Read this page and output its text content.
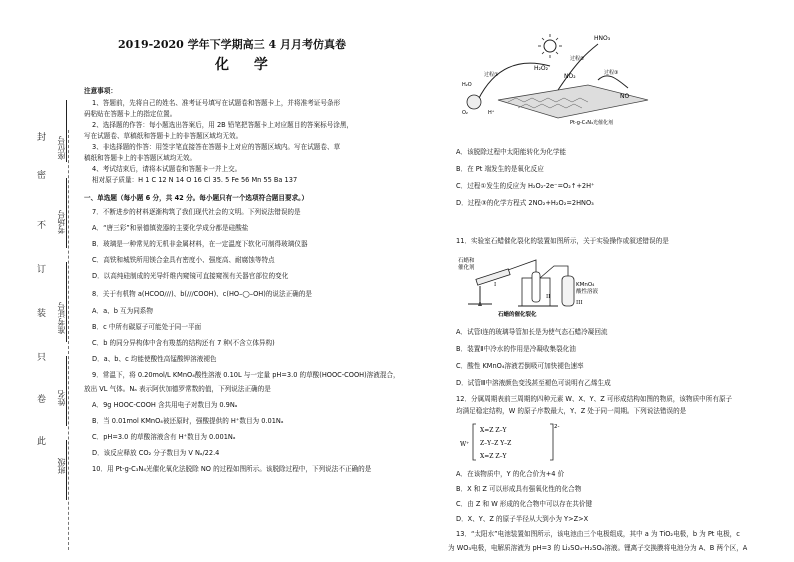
封
密
不
订
装
只
卷
此
座位号
考场号
准考证号
姓名
班级
2019-2020 学年下学期高三 4 月月考仿真卷
化 学
注意事项：
1、答题前，先将自己的姓名、准考证号填写在试题卷和答题卡上，并将准考证号条形
码粘贴在答题卡上的指定位置。
2、选择题的作答：每小题选出答案后，用 2B 铅笔把答题卡上对应题目的答案标号涂黑，
写在试题卷、草稿纸和答题卡上的非答题区域均无效。
3、非选择题的作答：用签字笔直接答在答题卡上对应的答题区域内。写在试题卷、草
稿纸和答题卡上的非答题区域均无效。
4、考试结束后，请将本试题卷和答题卡一并上交。
相对原子质量：H 1 C 12 N 14 O 16 Cl 35. 5 Fe 56 Mn 55 Ba 137
一、单选题（每小题 6 分，共 42 分。每小题只有一个选项符合题目要求。）
7．不断进步的材料逐渐构筑了我们现代社会的文明。下列说法错误的是
A．“唐三彩”和景德镇瓷器的主要化学成分都是硅酸盐
B．玻璃是一种常见的无机非金属材料，在一定温度下软化可制得玻璃仪器
C．高铁和城铁所用镁合金具有密度小、强度高、耐腐蚀等特点
D．以高纯硅制成的光导纤维内窥镜可直接窥视有关器官部位的变化
8．关于有机物 a(HCOO∕∕∕)、b(∕∕∕COOH)、c(HO–◯–OH)的说法正确的是
A．a、b 互为同系物
B．c 中所有碳原子可能处于同一平面
C．b 的同分异构体中含有羧基的结构还有 7 种(不含立体异构)
D．a、b、c 均能使酸性高锰酸钾溶液褪色
9．常温下，将 0.20mol/L KMnO₄酸性溶液 0.10L 与一定量 pH=3.0 的草酸(HOOC-COOH)溶液混合，
放出 VL 气体。Nₐ 表示阿伏加德罗常数的值，下列说法正确的是
A．9g HOOC-COOH 含共用电子对数目为 0.9Nₐ
B．当 0.01mol KMnO₄被还原时，强酸提供的 H⁺数目为 0.01Nₐ
C．pH=3.0 的草酸溶液含有 H⁺数目为 0.001Nₐ
D．该反应释放 CO₂ 分子数目为 V Nₐ/22.4
10．用 Pt-g-C₃N₄光催化氧化法脱除 NO 的过程如图所示。该脱除过程中，下列说法不正确的是
HNO₃
H₂O₂
NO₂
NO
H₂O
过程①
过程②
过程③
Pt-g-C₃N₄光催化剂
O₂	H⁺
A．该脱除过程中太阳能转化为化学能
B．在 Pt 端发生的是氧化反应
C．过程①发生的反应为 H₂O₂-2e⁻=O₂↑+2H⁺
D．过程③的化学方程式 2NO₂+H₂O₂=2HNO₃
11．实验室石蜡催化裂化的装置如图所示，关于实验操作或叙述错误的是
石蜡和
催化剂
KMnO₄
酸性溶液
I
II
III
石蜡的催化裂化
A．试管Ⅰ连的玻璃导管加长是为使气态石蜡冷凝回流
B．装置Ⅱ中冷水的作用是冷凝收集裂化油
C．酸性 KMnO₄溶液若倒吸可加快褪色速率
D．试管Ⅲ中溶液颜色变浅甚至褪色可说明有乙烯生成
12．分属周期表前三周期的四种元素 W、X、Y、Z 可形成结构如图的物质，该物质中所有原子
均满足稳定结构，W 的原子序数最大，Y、Z 处于同一周期。下列说法错误的是
W⁺
2-
X=Z Z–Y
Z–Y–Z Y–Z
X=Z Z–Y
A．在该物质中，Y 的化合价为+4 价
B．X 和 Z 可以形成具有强氧化性的化合物
C．由 Z 和 W 形成的化合物中可以存在共价键
D．X、Y、Z 的原子半径从大到小为 Y>Z>X
13．“太阳水”电池装置如图所示，该电池由三个电极组成，其中 a 为 TiO₂电极，b 为 Pt 电极，c
为 WO₃电极，电解质溶液为 pH=3 的 Li₂SO₄-H₂SO₄溶液。锂离子交换膜将电池分为 A、B 两个区，A
